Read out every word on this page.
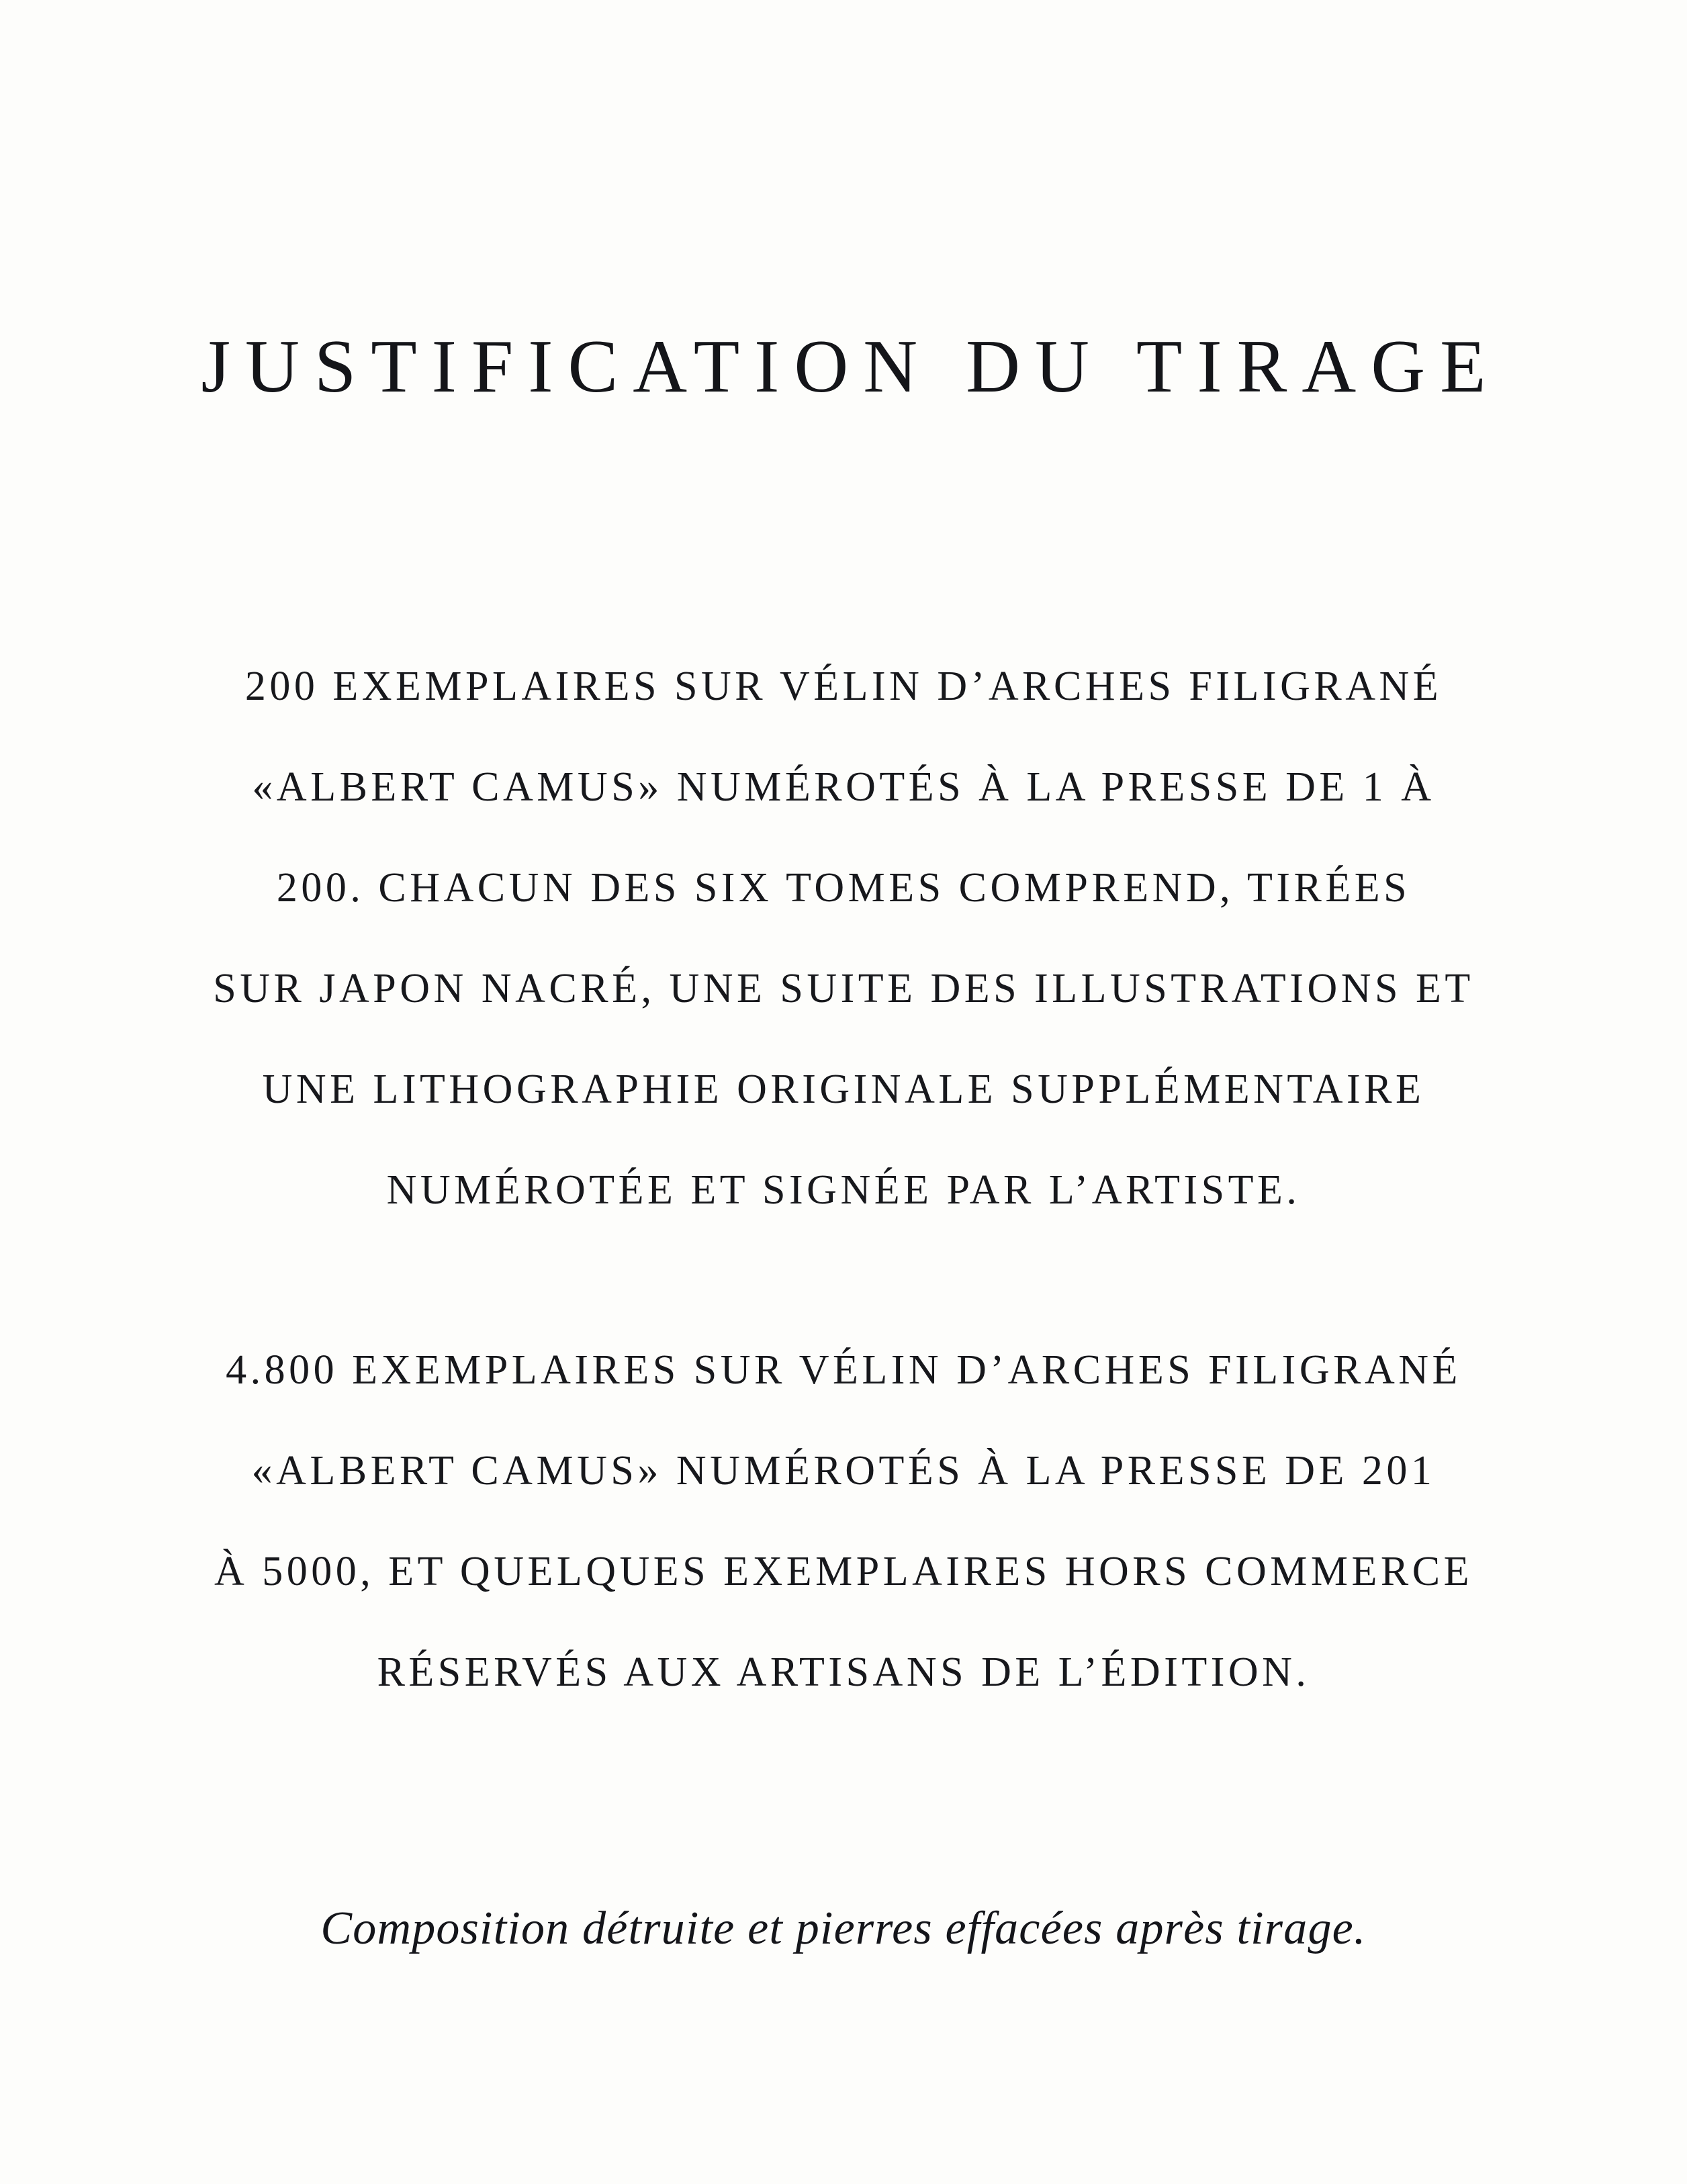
JUSTIFICATION DU TIRAGE
200 EXEMPLAIRES SUR VÉLIN D’ARCHES FILIGRANÉ
«ALBERT CAMUS» NUMÉROTÉS À LA PRESSE DE 1 À
200. CHACUN DES SIX TOMES COMPREND, TIRÉES
SUR JAPON NACRÉ, UNE SUITE DES ILLUSTRATIONS ET
UNE LITHOGRAPHIE ORIGINALE SUPPLÉMENTAIRE
NUMÉROTÉE ET SIGNÉE PAR L’ARTISTE.
4.800 EXEMPLAIRES SUR VÉLIN D’ARCHES FILIGRANÉ
«ALBERT CAMUS» NUMÉROTÉS À LA PRESSE DE 201
À 5000, ET QUELQUES EXEMPLAIRES HORS COMMERCE
RÉSERVÉS AUX ARTISANS DE L’ÉDITION.
Composition détruite et pierres effacées après tirage.
